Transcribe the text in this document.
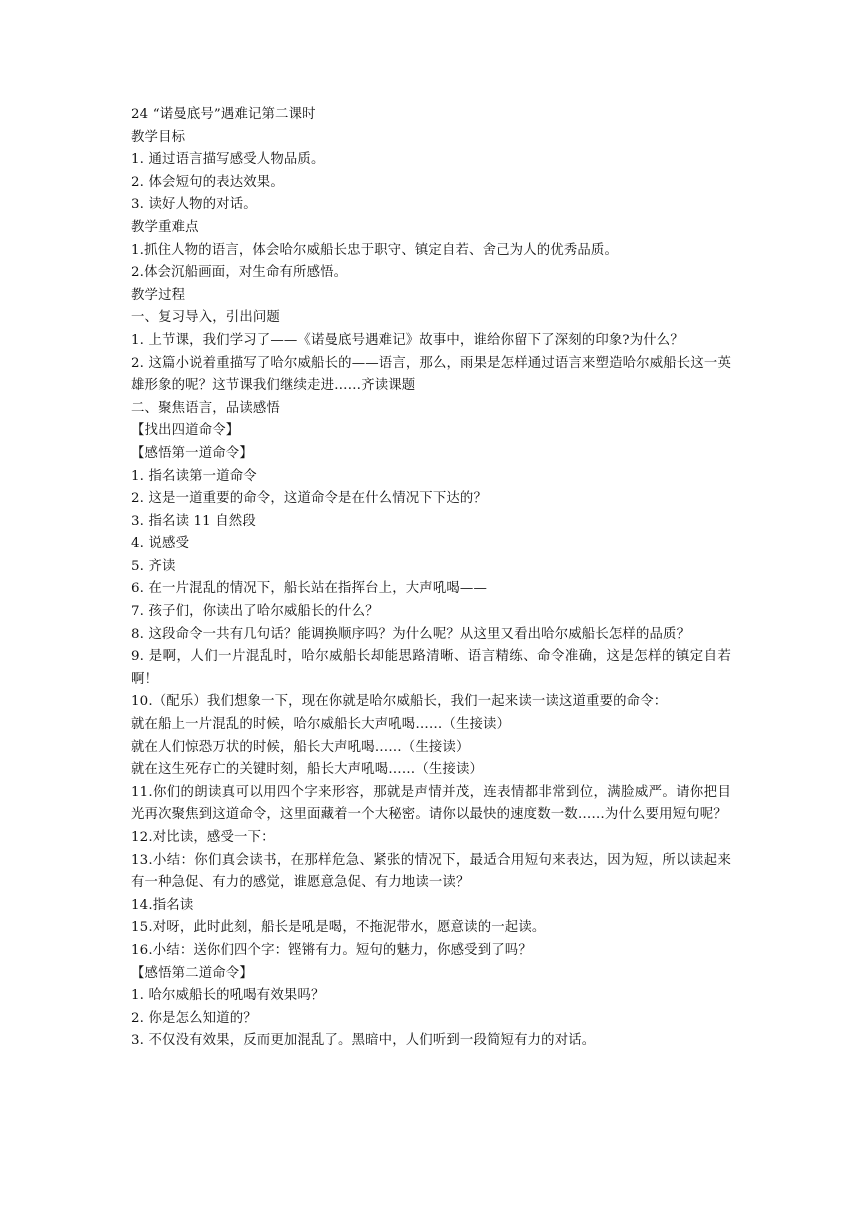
24 “诺曼底号”遇难记第二课时
教学目标
1. 通过语言描写感受人物品质。
2. 体会短句的表达效果。
3. 读好人物的对话。
教学重难点
1.抓住人物的语言，体会哈尔威船长忠于职守、镇定自若、舍己为人的优秀品质。
2.体会沉船画面，对生命有所感悟。
教学过程
一、复习导入，引出问题
1. 上节课，我们学习了——《诺曼底号遇难记》故事中，谁给你留下了深刻的印象?为什么？
2. 这篇小说着重描写了哈尔威船长的——语言，那么，雨果是怎样通过语言来塑造哈尔威船长这一英雄形象的呢？这节课我们继续走进……齐读课题
二、聚焦语言，品读感悟
【找出四道命令】
【感悟第一道命令】
1. 指名读第一道命令
2. 这是一道重要的命令，这道命令是在什么情况下下达的？
3. 指名读 11 自然段
4. 说感受
5. 齐读
6. 在一片混乱的情况下，船长站在指挥台上，大声吼喝——
7. 孩子们，你读出了哈尔威船长的什么？
8. 这段命令一共有几句话？能调换顺序吗？为什么呢？从这里又看出哈尔威船长怎样的品质？
9. 是啊，人们一片混乱时，哈尔威船长却能思路清晰、语言精练、命令准确，这是怎样的镇定自若啊！
10.（配乐）我们想象一下，现在你就是哈尔威船长，我们一起来读一读这道重要的命令：
就在船上一片混乱的时候，哈尔威船长大声吼喝……（生接读）
就在人们惊恐万状的时候，船长大声吼喝……（生接读）
就在这生死存亡的关键时刻，船长大声吼喝……（生接读）
11.你们的朗读真可以用四个字来形容，那就是声情并茂，连表情都非常到位，满脸威严。请你把目光再次聚焦到这道命令，这里面藏着一个大秘密。请你以最快的速度数一数……为什么要用短句呢？
12.对比读，感受一下：
13.小结：你们真会读书，在那样危急、紧张的情况下，最适合用短句来表达，因为短，所以读起来有一种急促、有力的感觉，谁愿意急促、有力地读一读？
14.指名读
15.对呀，此时此刻，船长是吼是喝，不拖泥带水，愿意读的一起读。
16.小结：送你们四个字：铿锵有力。短句的魅力，你感受到了吗？
【感悟第二道命令】
1. 哈尔威船长的吼喝有效果吗？
2. 你是怎么知道的？
3. 不仅没有效果，反而更加混乱了。黑暗中，人们听到一段简短有力的对话。
